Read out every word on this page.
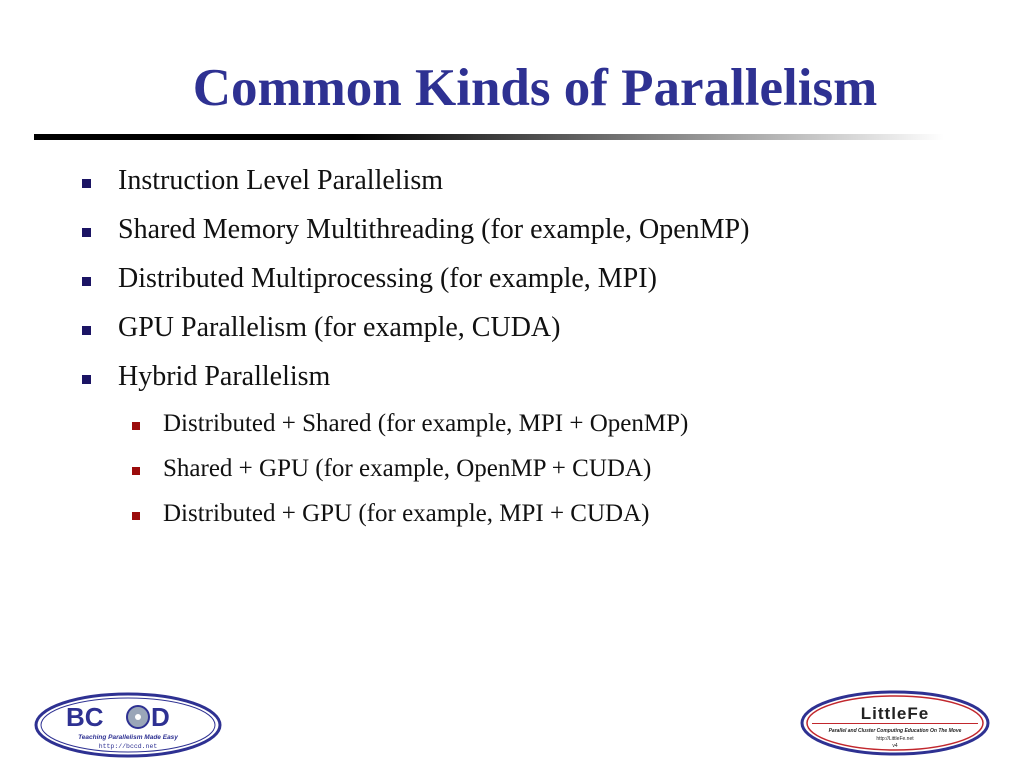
Common Kinds of Parallelism
Instruction Level Parallelism
Shared Memory Multithreading (for example, OpenMP)
Distributed Multiprocessing (for example, MPI)
GPU Parallelism (for example, CUDA)
Hybrid Parallelism
Distributed + Shared (for example, MPI + OpenMP)
Shared + GPU (for example, OpenMP + CUDA)
Distributed + GPU (for example, MPI + CUDA)
BC D
Teaching Parallelism Made Easy
http://bccd.net
LittleFe
Parallel and Cluster Computing Education On The Move
http://LittleFe.net
v4
